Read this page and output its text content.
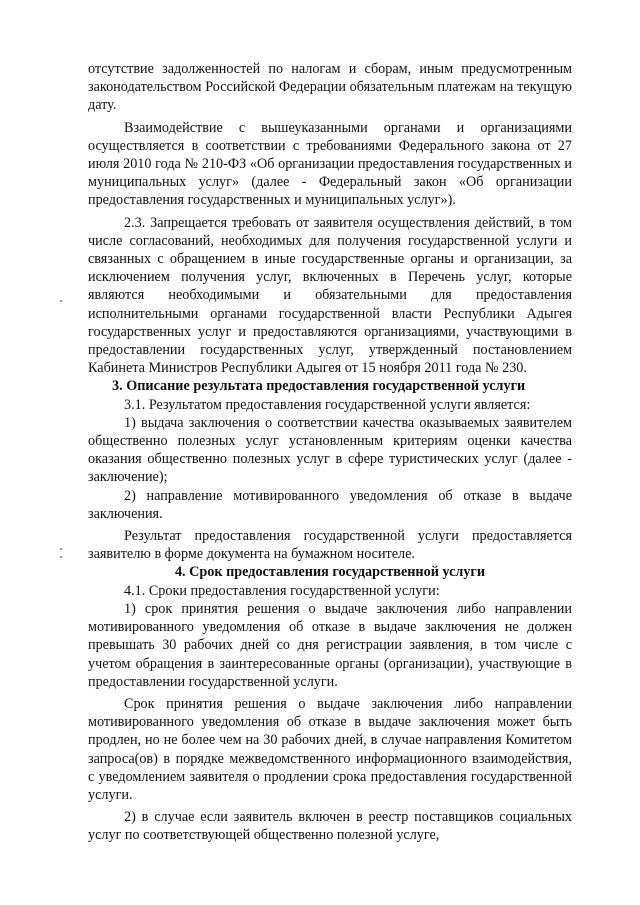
отсутствие задолженностей по налогам и сборам, иным предусмотренным законодательством Российской Федерации обязательным платежам на текущую дату.

Взаимодействие с вышеуказанными органами и организациями осуществляется в соответствии с требованиями Федерального закона от 27 июля 2010 года № 210-ФЗ «Об организации предоставления государственных и муниципальных услуг» (далее - Федеральный закон «Об организации предоставления государственных и муниципальных услуг»).

2.3. Запрещается требовать от заявителя осуществления действий, в том числе согласований, необходимых для получения государственной услуги и связанных с обращением в иные государственные органы и организации, за исключением получения услуг, включенных в Перечень услуг, которые являются необходимыми и обязательными для предоставления исполнительными органами государственной власти Республики Адыгея государственных услуг и предоставляются организациями, участвующими в предоставлении государственных услуг, утвержденный постановлением Кабинета Министров Республики Адыгея от 15 ноября 2011 года № 230.

3. Описание результата предоставления государственной услуги

3.1. Результатом предоставления государственной услуги является:

1) выдача заключения о соответствии качества оказываемых заявителем общественно полезных услуг установленным критериям оценки качества оказания общественно полезных услуг в сфере туристических услуг (далее - заключение);

2) направление мотивированного уведомления об отказе в выдаче заключения.

Результат предоставления государственной услуги предоставляется заявителю в форме документа на бумажном носителе.

4. Срок предоставления государственной услуги

4.1. Сроки предоставления государственной услуги:

1) срок принятия решения о выдаче заключения либо направлении мотивированного уведомления об отказе в выдаче заключения не должен превышать 30 рабочих дней со дня регистрации заявления, в том числе с учетом обращения в заинтересованные органы (организации), участвующие в предоставлении государственной услуги.

Срок принятия решения о выдаче заключения либо направлении мотивированного уведомления об отказе в выдаче заключения может быть продлен, но не более чем на 30 рабочих дней, в случае направления Комитетом запроса(ов) в порядке межведомственного информационного взаимодействия, с уведомлением заявителя о продлении срока предоставления государственной услуги.

2) в случае если заявитель включен в реестр поставщиков социальных услуг по соответствующей общественно полезной услуге,
